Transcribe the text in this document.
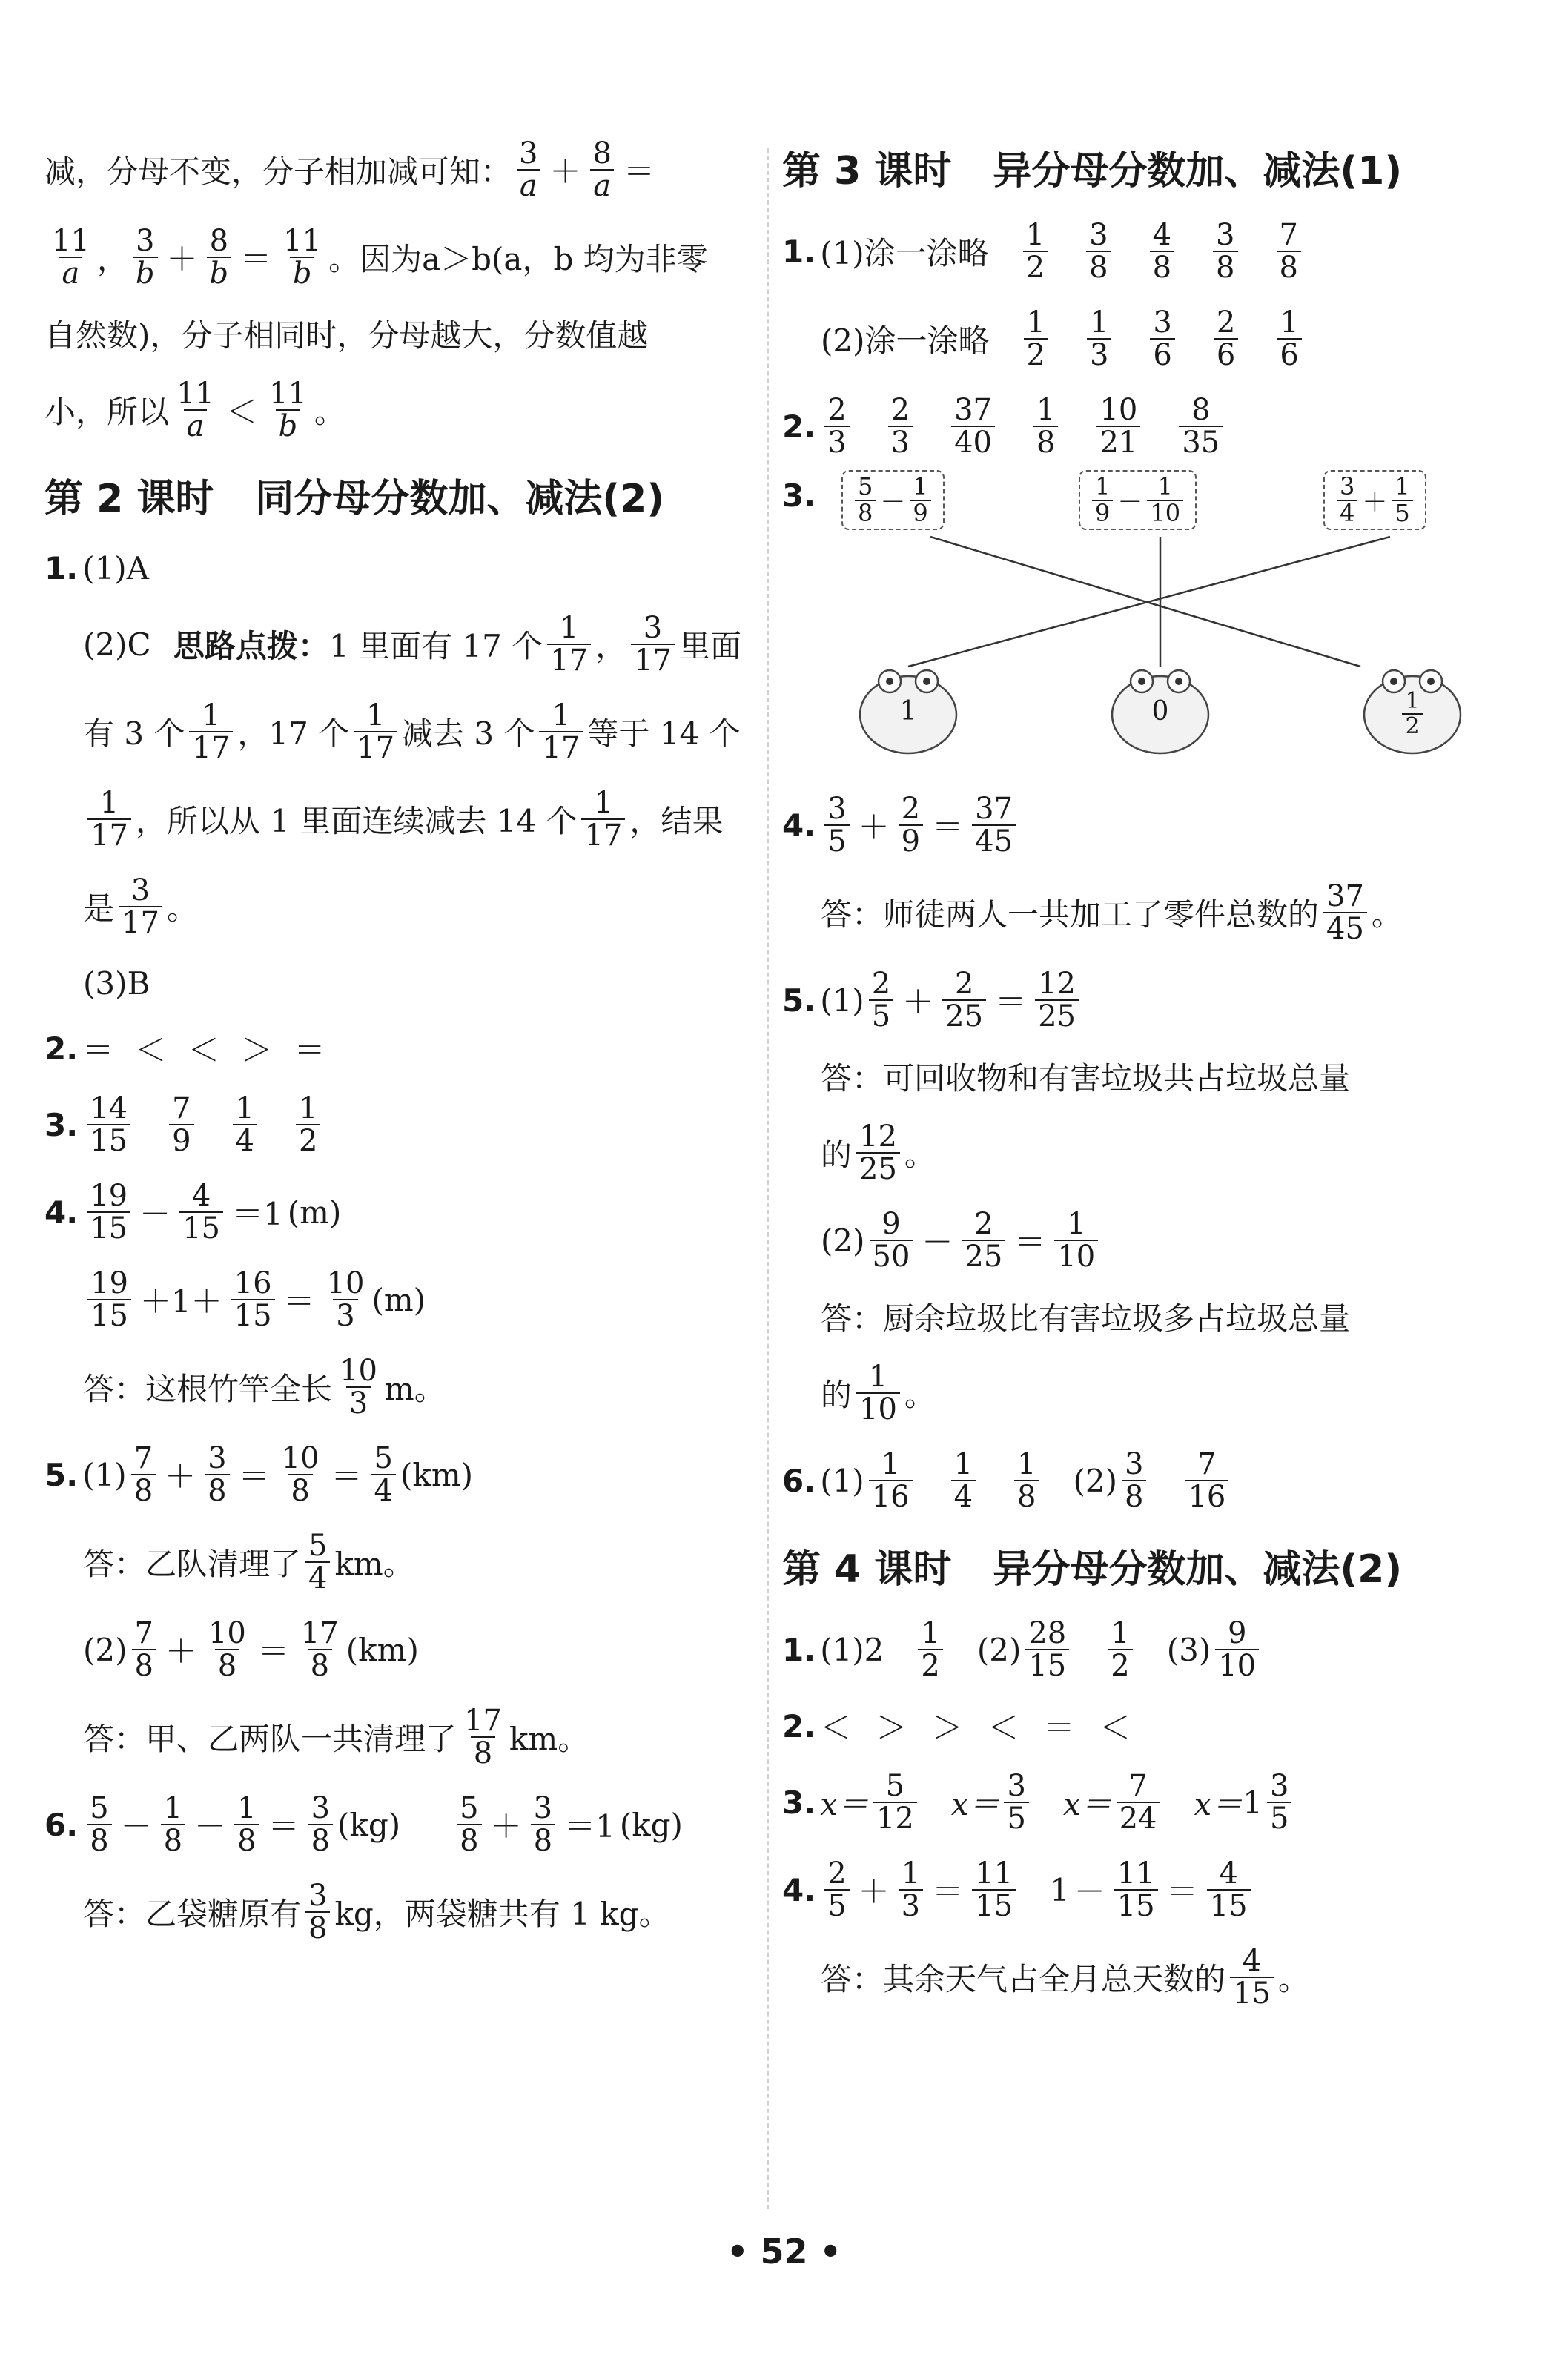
减，分母不变，分子相加减可知： $\frac{3}{a} + \frac{8}{a}$ ＝
$\frac{11}{a}$ ， $\frac{3}{b} + \frac{8}{b} = \frac{11}{b}$ 。因为 a＞b(a，b 均为非零
自然数)，分子相同时，分母越大，分数值越
小，所以 $\frac{11}{a} < \frac{11}{b}$ 。
第 2 课时 同分母分数加、减法(2)
1. (1)A
(2)C 思路点拨： 1 里面有 17 个 $\frac{1}{17}$ ， $\frac{3}{17}$ 里面
有 3 个 $\frac{1}{17}$ ，17 个 $\frac{1}{17}$ 减去 3 个 $\frac{1}{17}$ 等于 14 个
$\frac{1}{17}$ ，所以从 1 里面连续减去 14 个 $\frac{1}{17}$ ，结果
是 $\frac{3}{17}$ 。
(3)B
2. ＝ ＜ ＜ ＞ ＝
3. $\frac{14}{15} \frac{7}{9} \frac{1}{4} \frac{1}{2}$
4. $\frac{19}{15} - \frac{4}{15} =1$ (m)
$\frac{19}{15} +1+ \frac{16}{15} = \frac{10}{3} (m)$
答：这根竹竿全长 $\frac{10}{3}$ m。
5. $(1) \frac{7}{8} + \frac{3}{8} = \frac{10}{8} = \frac{5}{4} (km)$
答：乙队清理了 $\frac{5}{4}$ km。
$(2) \frac{7}{8} + \frac{10}{8} = \frac{17}{8} (km)$
答：甲、乙两队一共清理了 $\frac{17}{8}$ km。
6. $\frac{5}{8} - \frac{1}{8} - \frac{1}{8} = \frac{3}{8} (kg) \frac{5}{8} + \frac{3}{8} =1$ (kg)
答：乙袋糖原有 $\frac{3}{8}$ kg，两袋糖共有 1 kg。
第 3 课时 异分母分数加、减法(1)
1. (1)涂一涂略 $\frac{1}{2} \frac{3}{8} \frac{4}{8} \frac{3}{8} \frac{7}{8}$
(2)涂一涂略 $\frac{1}{2} \frac{1}{3} \frac{3}{6} \frac{2}{6} \frac{1}{6}$
2. $\frac{2}{3} \frac{2}{3} \frac{37}{40} \frac{1}{8} \frac{10}{21} \frac{8}{35}$
3. $\frac{5}{8} - \frac{1}{9}$	$\frac{1}{9} - \frac{1}{10}$	$\frac{3}{4} + \frac{1}{5}$
1	0	$\frac{1}{2}$
4. $\frac{3}{5} + \frac{2}{9} = \frac{37}{45}$
答：师徒两人一共加工了零件总数的 $\frac{37}{45}$ 。
5. $(1) \frac{2}{5} + \frac{2}{25} = \frac{12}{25}$
答：可回收物和有害垃圾共占垃圾总量
的 $\frac{12}{25}$ 。
$(2) \frac{9}{50} - \frac{2}{25} = \frac{1}{10}$
答：厨余垃圾比有害垃圾多占垃圾总量
的 $\frac{1}{10}$ 。
6. $(1) \frac{1}{16} \frac{1}{4} \frac{1}{8} (2) \frac{3}{8} \frac{7}{16}$
第 4 课时 异分母分数加、减法(2)
1. $(1)2 \frac{1}{2} (2) \frac{28}{15} \frac{1}{2} (3) \frac{9}{10}$
2. ＜ ＞ ＞ ＜ ＝ ＜
3. $x= \frac{5}{12} x= \frac{3}{5} x= \frac{7}{24} x= 1 \frac{3}{5}$
4. $\frac{2}{5} + \frac{1}{3} = \frac{11}{15} 1 - \frac{11}{15} = \frac{4}{15}$
答：其余天气占全月总天数的 $\frac{4}{15}$ 。
• 52 •
